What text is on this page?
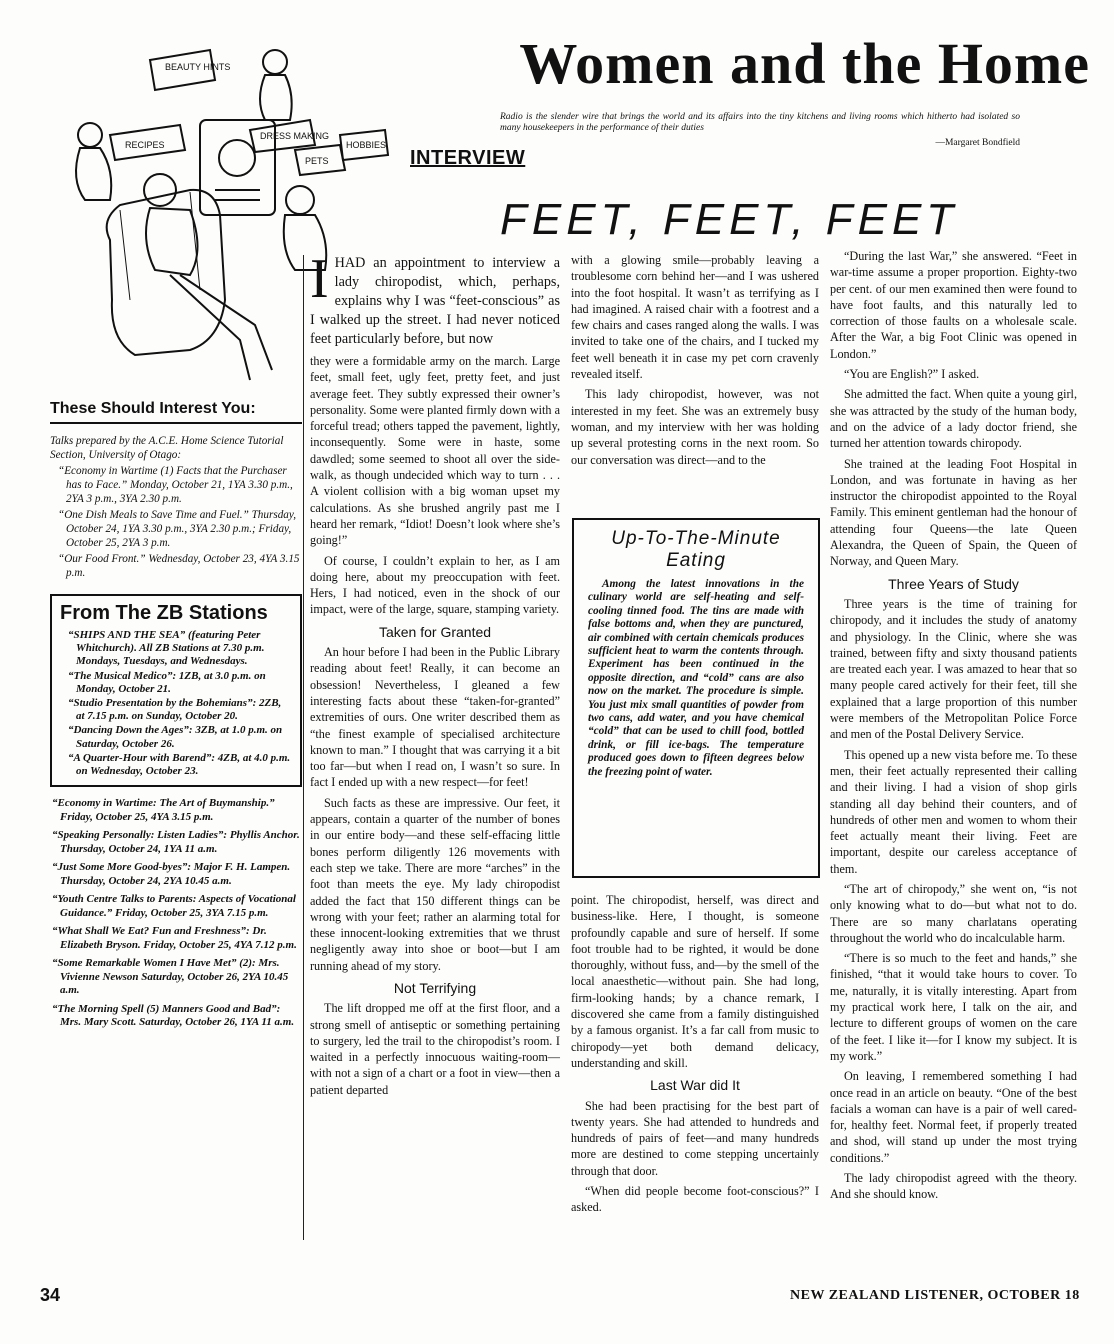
Women and the Home
Radio is the slender wire that brings the world and its affairs into the tiny kitchens and living rooms which hitherto had isolated so many housekeepers in the performance of their duties
—Margaret Bondfield
INTERVIEW
FEET, FEET, FEET
BEAUTY HINTS
RECIPES
DRESS MAKING
PETS
HOBBIES
These Should Interest You:
Talks prepared by the A.C.E. Home Science Tutorial Section, University of Otago:
“Economy in Wartime (1) Facts that the Purchaser has to Face.” Monday, October 21, 1YA 3.30 p.m., 2YA 3 p.m., 3YA 2.30 p.m.
“One Dish Meals to Save Time and Fuel.” Thursday, October 24, 1YA 3.30 p.m., 3YA 2.30 p.m.; Friday, October 25, 2YA 3 p.m.
“Our Food Front.” Wednesday, October 23, 4YA 3.15 p.m.
From The ZB Stations
“SHIPS AND THE SEA” (featuring Peter Whitchurch). All ZB Stations at 7.30 p.m. Mondays, Tuesdays, and Wednesdays.
“The Musical Medico”: 1ZB, at 3.0 p.m. on Monday, October 21.
“Studio Presentation by the Bohemians”: 2ZB, at 7.15 p.m. on Sunday, October 20.
“Dancing Down the Ages”: 3ZB, at 1.0 p.m. on Saturday, October 26.
“A Quarter-Hour with Barend”: 4ZB, at 4.0 p.m. on Wednesday, October 23.
“Economy in Wartime: The Art of Buymanship.” Friday, October 25, 4YA 3.15 p.m.
“Speaking Personally: Listen Ladies”: Phyllis Anchor. Thursday, October 24, 1YA 11 a.m.
“Just Some More Good-byes”: Major F. H. Lampen. Thursday, October 24, 2YA 10.45 a.m.
“Youth Centre Talks to Parents: Aspects of Vocational Guidance.” Friday, October 25, 3YA 7.15 p.m.
“What Shall We Eat? Fun and Freshness”: Dr. Elizabeth Bryson. Friday, October 25, 4YA 7.12 p.m.
“Some Remarkable Women I Have Met” (2): Mrs. Vivienne Newson Saturday, October 26, 2YA 10.45 a.m.
“The Morning Spell (5) Manners Good and Bad”: Mrs. Mary Scott. Saturday, October 26, 1YA 11 a.m.

IHAD an appointment to interview a lady chiropodist, which, perhaps, explains why I was “feet-conscious” as I walked up the street. I had never noticed feet particularly before, but now

they were a formidable army on the march. Large feet, small feet, ugly feet, pretty feet, and just average feet. They subtly expressed their owner’s personality. Some were planted firmly down with a forceful tread; others tapped the pavement, lightly, inconsequently. Some were in haste, some dawdled; some seemed to shoot all over the side-walk, as though undecided which way to turn . . . A violent collision with a big woman upset my calculations. As she brushed angrily past me I heard her remark, “Idiot! Doesn’t look where she’s going!”

Of course, I couldn’t explain to her, as I am doing here, about my preoccupation with feet. Hers, I had noticed, even in the shock of our impact, were of the large, square, stamping variety.

Taken for Granted

An hour before I had been in the Public Library reading about feet! Really, it can become an obsession! Nevertheless, I gleaned a few interesting facts about these “taken-for-granted” extremities of ours. One writer described them as “the finest example of specialised architecture known to man.” I thought that was carrying it a bit too far—but when I read on, I wasn’t so sure. In fact I ended up with a new respect—for feet!

Such facts as these are impressive. Our feet, it appears, contain a quarter of the number of bones in our entire body—and these self-effacing little bones perform diligently 126 movements with each step we take. There are more “arches” in the foot than meets the eye. My lady chiropodist added the fact that 150 different things can be wrong with your feet; rather an alarming total for these innocent-looking extremities that we thrust negligently away into shoe or boot—but I am running ahead of my story.

Not Terrifying

The lift dropped me off at the first floor, and a strong smell of antiseptic or something pertaining to surgery, led the trail to the chiropodist’s room. I waited in a perfectly innocuous waiting-room—with not a sign of a chart or a foot in view—then a patient departed

with a glowing smile—probably leaving a troublesome corn behind her—and I was ushered into the foot hospital. It wasn’t as terrifying as I had imagined. A raised chair with a footrest and a few chairs and cases ranged along the walls. I was invited to take one of the chairs, and I tucked my feet well beneath it in case my pet corn cravenly revealed itself.

This lady chiropodist, however, was not interested in my feet. She was an extremely busy woman, and my interview with her was holding up several protesting corns in the next room. So our conversation was direct—and to the

Up-To-The-Minute Eating
Among the latest innovations in the culinary world are self-heating and self-cooling tinned food. The tins are made with false bottoms and, when they are punctured, air combined with certain chemicals produces sufficient heat to warm the contents through. Experiment has been continued in the opposite direction, and “cold” cans are also now on the market. The procedure is simple. You just mix small quantities of powder from two cans, add water, and you have chemical “cold” that can be used to chill food, bottled drink, or fill ice-bags. The temperature produced goes down to fifteen degrees below the freezing point of water.

point. The chiropodist, herself, was direct and business-like. Here, I thought, is someone profoundly capable and sure of herself. If some foot trouble had to be righted, it would be done thoroughly, without fuss, and—by the smell of the local anaesthetic—without pain. She had long, firm-looking hands; by a chance remark, I discovered she came from a family distinguished by a famous organist. It’s a far call from music to chiropody—yet both demand delicacy, understanding and skill.

Last War did It

She had been practising for the best part of twenty years. She had attended to hundreds and hundreds of pairs of feet—and many hundreds more are destined to come stepping uncertainly through that door.

“When did people become foot-conscious?” I asked.

“During the last War,” she answered. “Feet in war-time assume a proper proportion. Eighty-two per cent. of our men examined then were found to have foot faults, and this naturally led to correction of those faults on a wholesale scale. After the War, a big Foot Clinic was opened in London.”

“You are English?” I asked.

She admitted the fact. When quite a young girl, she was attracted by the study of the human body, and on the advice of a lady doctor friend, she turned her attention towards chiropody.

She trained at the leading Foot Hospital in London, and was fortunate in having as her instructor the chiropodist appointed to the Royal Family. This eminent gentleman had the honour of attending four Queens—the late Queen Alexandra, the Queen of Spain, the Queen of Norway, and Queen Mary.

Three Years of Study

Three years is the time of training for chiropody, and it includes the study of anatomy and physiology. In the Clinic, where she was trained, between fifty and sixty thousand patients are treated each year. I was amazed to hear that so many people cared actively for their feet, till she explained that a large proportion of this number were members of the Metropolitan Police Force and men of the Postal Delivery Service.

This opened up a new vista before me. To these men, their feet actually represented their calling and their living. I had a vision of shop girls standing all day behind their counters, and of hundreds of other men and women to whom their feet actually meant their living. Feet are important, despite our careless acceptance of them.

“The art of chiropody,” she went on, “is not only knowing what to do—but what not to do. There are so many charlatans operating throughout the world who do incalculable harm.

“There is so much to the feet and hands,” she finished, “that it would take hours to cover. To me, naturally, it is vitally interesting. Apart from my practical work here, I talk on the air, and lecture to different groups of women on the care of the feet. I like it—for I know my subject. It is my work.”

On leaving, I remembered something I had once read in an article on beauty. “One of the best facials a woman can have is a pair of well cared-for, healthy feet. Normal feet, if properly treated and shod, will stand up under the most trying conditions.”

The lady chiropodist agreed with the theory. And she should know.

34	NEW ZEALAND LISTENER, OCTOBER 18
